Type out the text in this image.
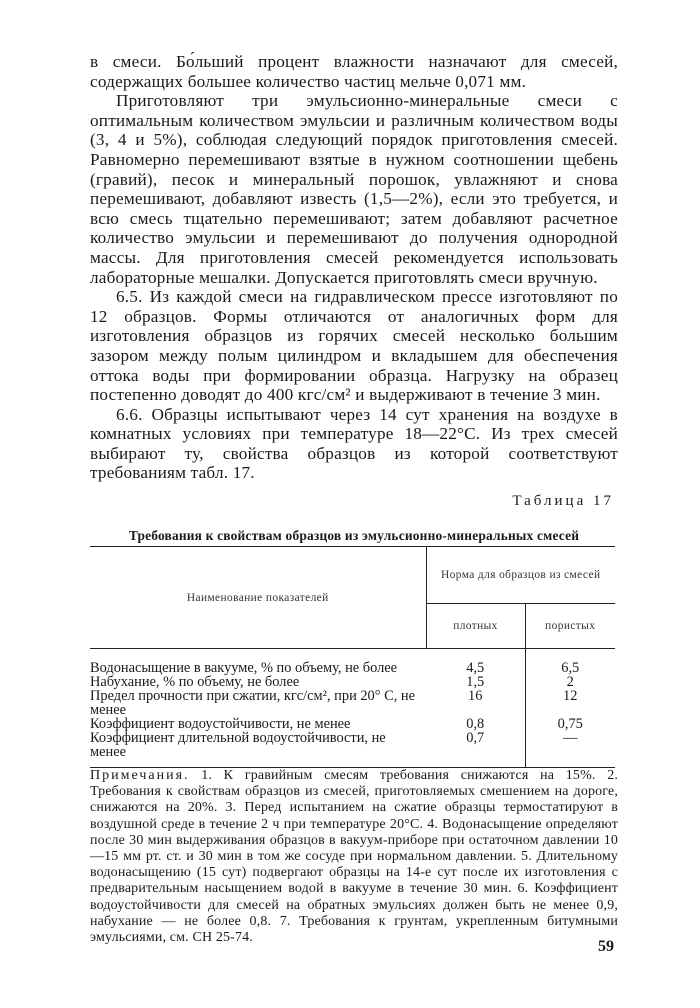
в смеси. Бо́льший процент влажности назначают для смесей, содержащих большее количество частиц мельче 0,071 мм.

Приготовляют три эмульсионно-минеральные смеси с оптимальным количеством эмульсии и различным количеством воды (3, 4 и 5%), соблюдая следующий порядок приготовления смесей. Равномерно перемешивают взятые в нужном соотношении щебень (гравий), песок и минеральный порошок, увлажняют и снова перемешивают, добавляют известь (1,5—2%), если это требуется, и всю смесь тщательно перемешивают; затем добавляют расчетное количество эмульсии и перемешивают до получения однородной массы. Для приготовления смесей рекомендуется использовать лабораторные мешалки. Допускается приготовлять смеси вручную.

6.5. Из каждой смеси на гидравлическом прессе изготовляют по 12 образцов. Формы отличаются от аналогичных форм для изготовления образцов из горячих смесей несколько большим зазором между полым цилиндром и вкладышем для обеспечения оттока воды при формировании образца. Нагрузку на образец постепенно доводят до 400 кгс/см² и выдерживают в течение 3 мин.

6.6. Образцы испытывают через 14 сут хранения на воздухе в комнатных условиях при температуре 18—22°С. Из трех смесей выбирают ту, свойства образцов из которой соответствуют требованиям табл. 17.

Таблица 17
Требования к свойствам образцов из эмульсионно-минеральных смесей
Наименование показателей	Норма для образцов из смесей	
	плотных	пористых
Водонасыщение в вакууме, % по объему, не более	4,5	6,5
Набухание, % по объему, не более	1,5	2
Предел прочности при сжатии, кгс/см², при 20° С, не менее	16	12
Коэффициент водоустойчивости, не менее	0,8	0,75
Коэффициент длительной водоустойчивости, не менее	0,7	—

Примечания. 1. К гравийным смесям требования снижаются на 15%. 2. Требования к свойствам образцов из смесей, приготовляемых смешением на дороге, снижаются на 20%. 3. Перед испытанием на сжатие образцы термостатируют в воздушной среде в течение 2 ч при температуре 20°С. 4. Водонасыщение определяют после 30 мин выдерживания образцов в вакуум-приборе при остаточном давлении 10—15 мм рт. ст. и 30 мин в том же сосуде при нормальном давлении. 5. Длительному водонасыщению (15 сут) подвергают образцы на 14-е сут после их изготовления с предварительным насыщением водой в вакууме в течение 30 мин. 6. Коэффициент водоустойчивости для смесей на обратных эмульсиях должен быть не менее 0,9, набухание — не более 0,8. 7. Требования к грунтам, укрепленным битумными эмульсиями, см. СН 25-74.

59
